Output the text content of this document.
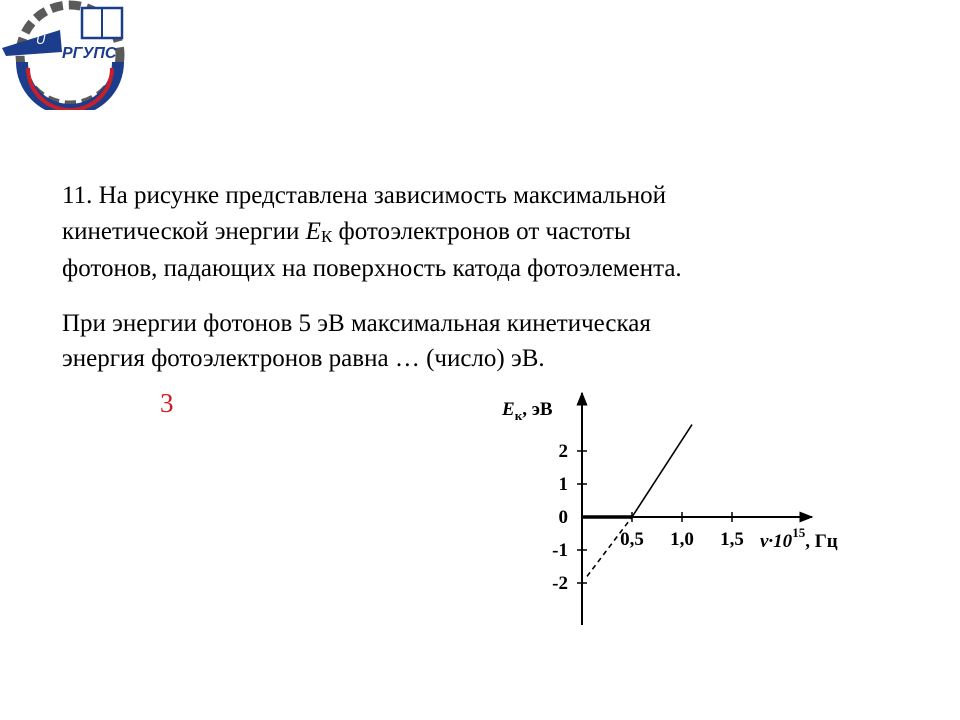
U
РГУПС
РОСТОВ-НА-ДОНУ

11. На рисунке представлена зависимость максимальной
кинетической энергии EК фотоэлектронов от частоты
фотонов, падающих на поверхность катода фотоэлемента.

При энергии фотонов 5 эВ максимальная кинетическая
энергия фотоэлектронов равна … (число) эВ.

3
2
1
0
-1
-2
0,5 1,0 1,5
$E_к$, эВ
$\nu\cdot 10^{15}$, Гц
